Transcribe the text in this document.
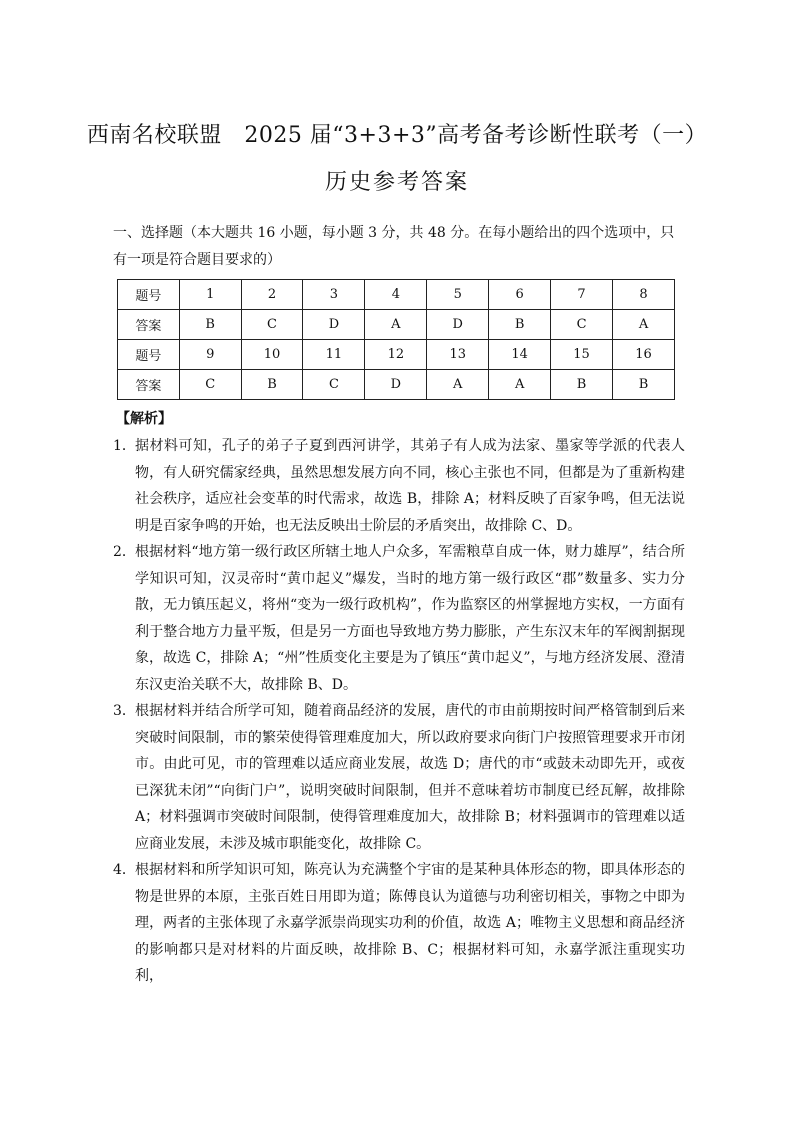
西南名校联盟　2025 届“3+3+3”高考备考诊断性联考（一）
历史参考答案
一、选择题（本大题共 16 小题，每小题 3 分，共 48 分。在每小题给出的四个选项中，只有一项是符合题目要求的）
题号	1	2	3	4	5	6	7	8
答案	B	C	D	A	D	B	C	A
题号	9	10	11	12	13	14	15	16
答案	C	B	C	D	A	A	B	B
【解析】
1． 据材料可知，孔子的弟子子夏到西河讲学，其弟子有人成为法家、墨家等学派的代表人物，有人研究儒家经典，虽然思想发展方向不同，核心主张也不同，但都是为了重新构建社会秩序，适应社会变革的时代需求，故选 B，排除 A；材料反映了百家争鸣，但无法说明是百家争鸣的开始，也无法反映出士阶层的矛盾突出，故排除 C、D。
2． 根据材料“地方第一级行政区所辖土地人户众多，军需粮草自成一体，财力雄厚”，结合所学知识可知，汉灵帝时“黄巾起义”爆发，当时的地方第一级行政区“郡”数量多、实力分散，无力镇压起义，将州“变为一级行政机构”，作为监察区的州掌握地方实权，一方面有利于整合地方力量平叛，但是另一方面也导致地方势力膨胀，产生东汉末年的军阀割据现象，故选 C，排除 A；“州”性质变化主要是为了镇压“黄巾起义”，与地方经济发展、澄清东汉吏治关联不大，故排除 B、D。
3． 根据材料并结合所学可知，随着商品经济的发展，唐代的市由前期按时间严格管制到后来突破时间限制，市的繁荣使得管理难度加大，所以政府要求向街门户按照管理要求开市闭市。由此可见，市的管理难以适应商业发展，故选 D；唐代的市“或鼓未动即先开，或夜已深犹未闭”“向街门户”，说明突破时间限制，但并不意味着坊市制度已经瓦解，故排除 A；材料强调市突破时间限制，使得管理难度加大，故排除 B；材料强调市的管理难以适应商业发展，未涉及城市职能变化，故排除 C。
4． 根据材料和所学知识可知，陈亮认为充满整个宇宙的是某种具体形态的物，即具体形态的物是世界的本原，主张百姓日用即为道；陈傅良认为道德与功利密切相关，事物之中即为理，两者的主张体现了永嘉学派崇尚现实功利的价值，故选 A；唯物主义思想和商品经济的影响都只是对材料的片面反映，故排除 B、C；根据材料可知，永嘉学派注重现实功利，
